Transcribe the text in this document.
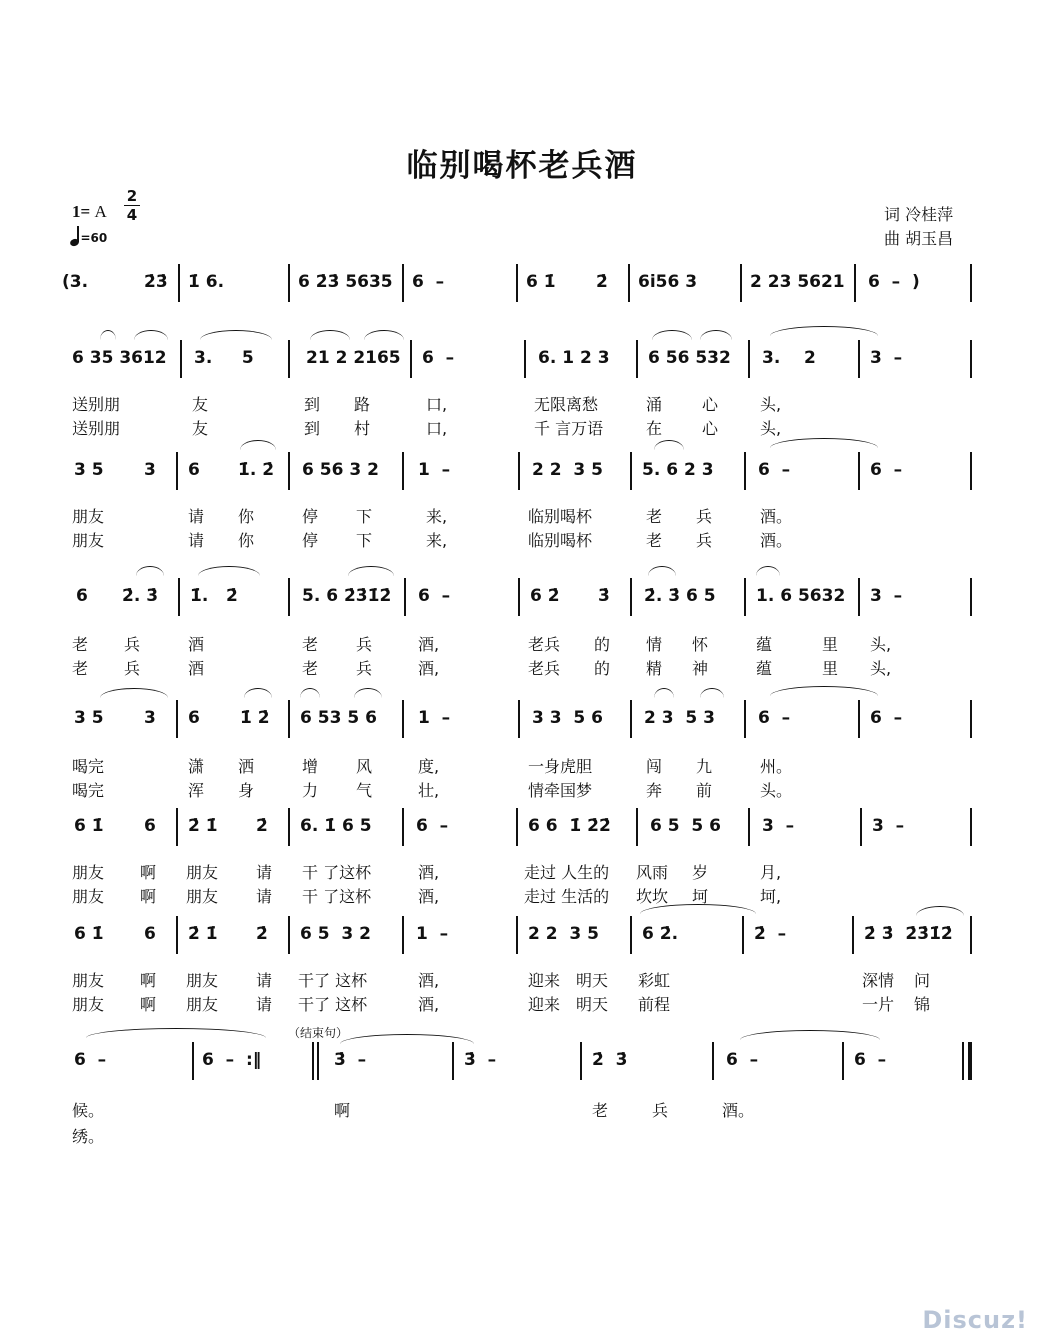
临别喝杯老兵酒
1= A
2
4
=60
词 冷桂萍
曲 胡玉昌
(3.	2̇3̇ 1̇ 6.	6 2̇3̇ 5635 6  –	6 1̇ 2̇ 6i56 3	2 23 5621 6  –  )
6 35 3612 3.     5	21 2 2165 6  –	6. 1 2 3 6 56 532 3.    2	3  –

送别朋

	友

	到

路

	口,

	无限离愁

	涌

心

	头,

送别朋

	友

	到

村

	口,

	千 言万语

	在

心

	头,

3 5 3 6 1̇. 2̇ 6 56 3 2 1  –	2 2  3 5 5. 6 2 3	6  –	6  –

朋友

	请

你

	停

下

	来,

	临别喝杯

	老

兵

	酒。

朋友

	请

你

	停

下

	来,

	临别喝杯

	老

兵

	酒。

6 2̇. 3̇ 1̇.   2̇	5. 6 2̇3̇1̇2̇ 6  –	6 2̇ 3̇ 2̇. 3̇ 6 5 1. 6 5632 3  –

老

兵

	酒

	老

兵

	酒,

	老兵

的

情

怀

	蕴

	里

头,

老

兵

	酒

	老

兵

	酒,

	老兵

的

精

神

	蕴

	里

头,

3 5 3 6 1̇ 2̇ 6 53 5 6 1  –	3 3  5 6 2 3  5 3	6  –	6  –

喝完

	潇

洒

	增

风

	度,

	一身虎胆

	闯

九

	州。

喝完

	浑

身

	力

气

	壮,

	情牵国梦

	奔

前

	头。

6 1̇ 6 2̇ 1̇ 2̇ 6. 1̇ 6 5	6  –	6 6  1̇ 2̇2̇ 6 5  5 6 3  –	3  –

朋友

啊

朋友

请

干 了这杯

	酒,

	走过 人生的

风雨

岁

	月,

朋友

啊

朋友

请

干 了这杯

	酒,

	走过 生活的

坎坎

坷

	坷,

6 1̇ 6 2̇ 1̇ 2̇ 6 5  3 2	1  –	2 2  3 5	6 2̇.	2̇  –	2̇ 3̇  2̇3̇1̇2̇

朋友

啊

朋友

请

干了 这杯

	酒,

	迎来

明天

彩虹

	深情

问

朋友

啊

朋友

请

干了 这杯

	酒,

	迎来

明天

前程

	一片

锦

（结束句）
6  –	6  –  :‖	3̇  –	3̇  –	2̇  3̇	6  –	6  –

候。

	啊

	老

	兵

	酒。

绣。

Discuz!
